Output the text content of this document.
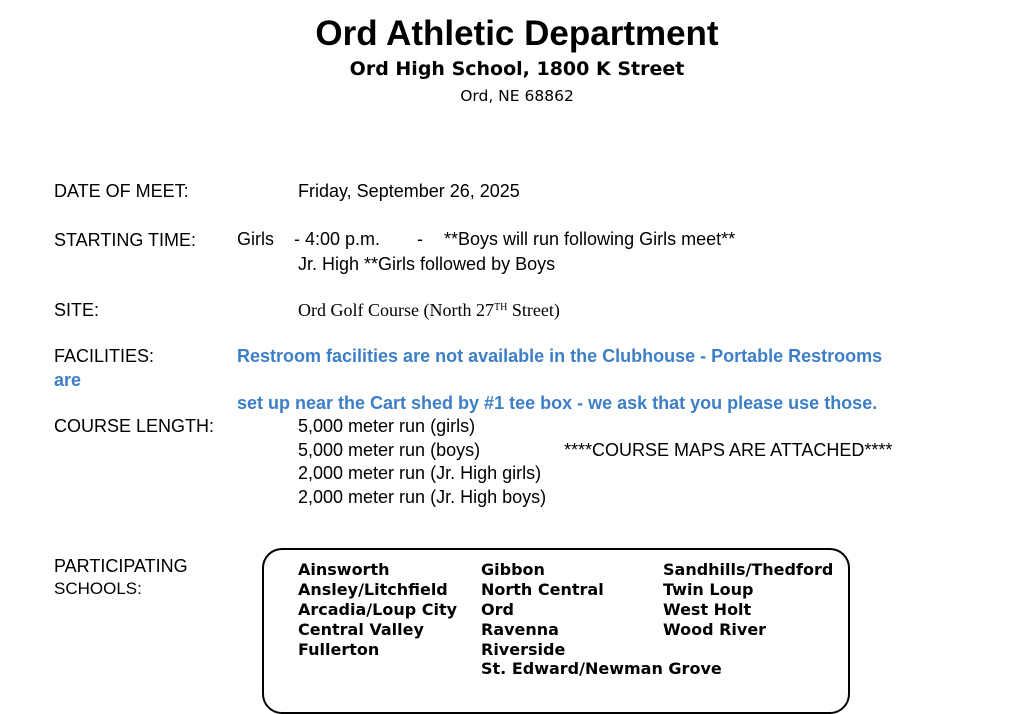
Ord Athletic Department
Ord High School, 1800 K Street
Ord, NE 68862
DATE OF MEET:	Friday, September 26, 2025
STARTING TIME: Girls - 4:00 p.m. - **Boys will run following Girls meet**
Jr. High **Girls followed by Boys
SITE:	Ord Golf Course (North 27TH Street)
FACILITIES:	Restroom facilities are not available in the Clubhouse - Portable Restrooms
are
set up near the Cart shed by #1 tee box - we ask that you please use those.
COURSE LENGTH:	5,000 meter run (girls)
5,000 meter run (boys)	****COURSE MAPS ARE ATTACHED****
2,000 meter run (Jr. High girls)
2,000 meter run (Jr. High boys)
PARTICIPATING
SCHOOLS:
Ainsworth
Ansley/Litchfield
Arcadia/Loup City
Central Valley
Fullerton
Gibbon
North Central
Ord
Ravenna
Riverside
St. Edward/Newman Grove
Sandhills/Thedford
Twin Loup
West Holt
Wood River
